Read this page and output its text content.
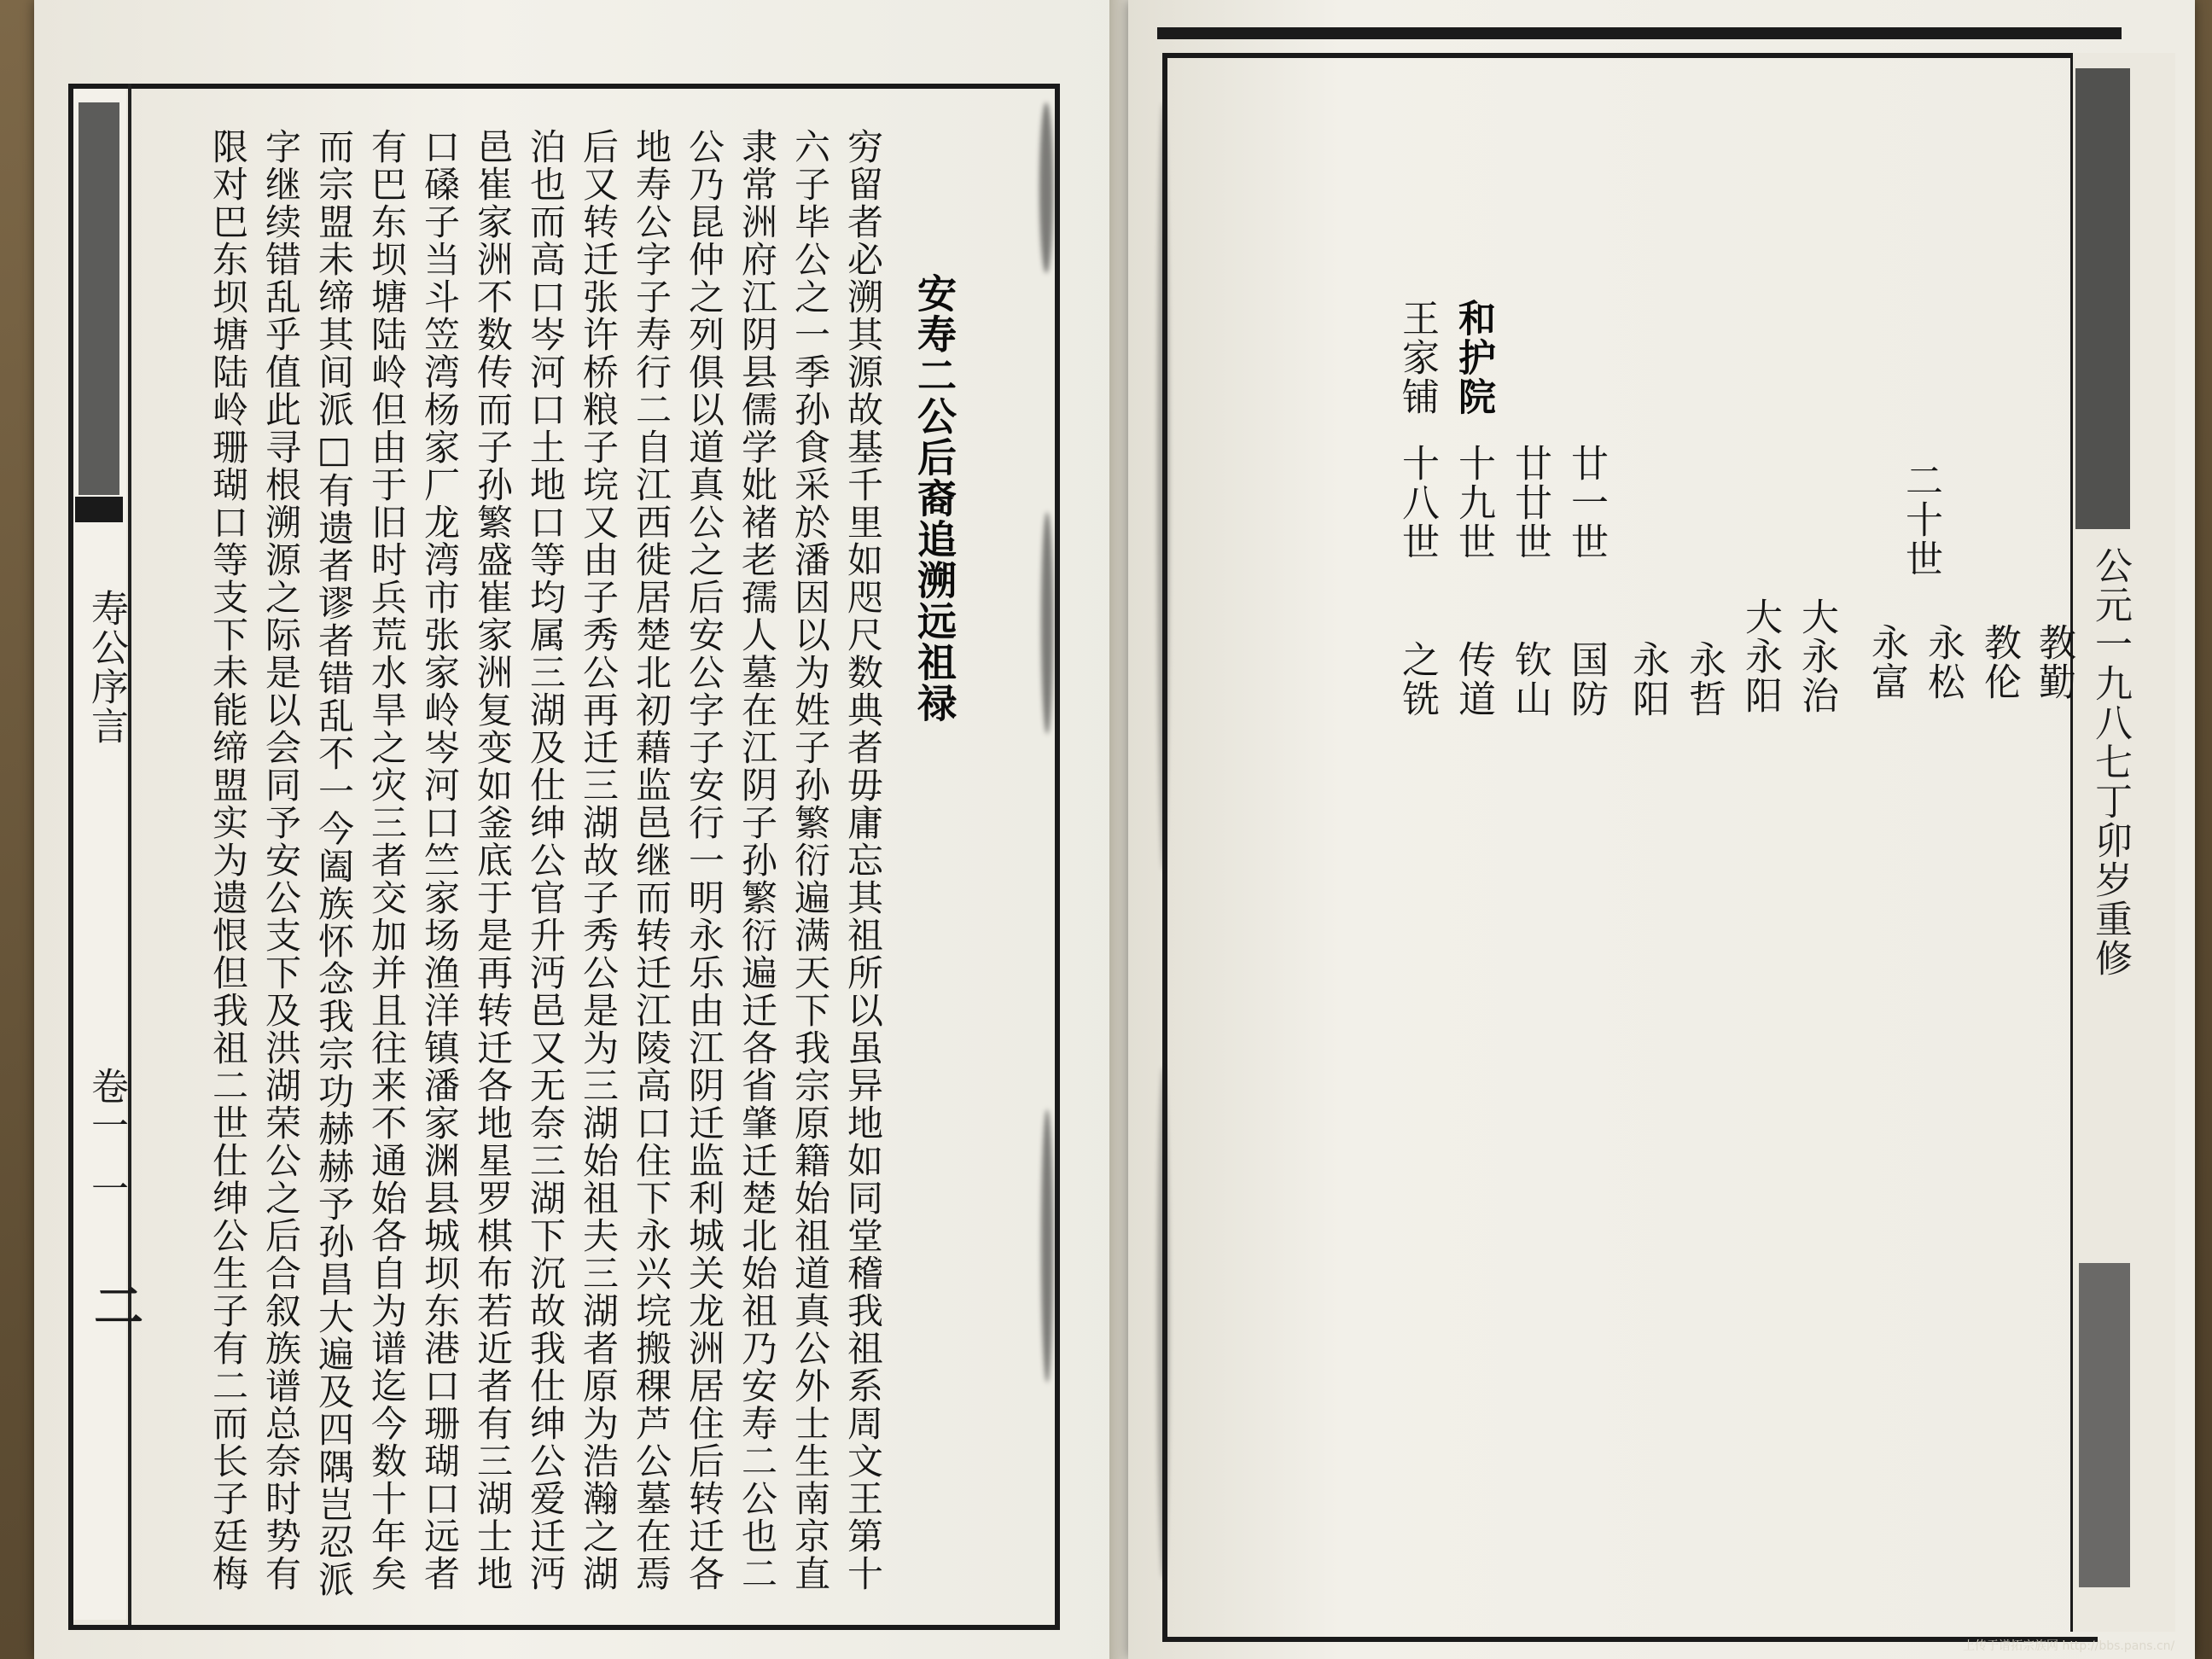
寿公序言
卷一
一
二
安寿二公后裔追溯远祖禄
穷留者必溯其源故基千里如咫尺数典者毋庸忘其祖所以虽异地如同堂稽我祖系周文王第十
六子毕公之一季孙食采於潘因以为姓子孙繁衍遍满天下我宗原籍始祖道真公外士生南京直
隶常洲府江阴县儒学妣褚老孺人墓在江阴子孙繁衍遍迁各省肇迁楚北始祖乃安寿二公也二
公乃昆仲之列俱以道真公之后安公字子安行一明永乐由江阴迁监利城关龙洲居住后转迁各
地寿公字子寿行二自江西徙居楚北初藉监邑继而转迁江陵高口住下永兴垸搬稞芦公墓在焉
后又转迁张许桥粮子垸又由子秀公再迁三湖故子秀公是为三湖始祖夫三湖者原为浩瀚之湖
泊也而高口岑河口土地口等均属三湖及仕绅公官升沔邑又无奈三湖下沉故我仕绅公爱迁沔
邑崔家洲不数传而子孙繁盛崔家洲复变如釜底于是再转迁各地星罗棋布若近者有三湖士地
口磉子当斗笠湾杨家厂龙湾市张家岭岑河口竺家场渔洋镇潘家渊县城坝东港口珊瑚口远者
有巴东坝塘陆岭但由于旧时兵荒水旱之灾三者交加并且往来不通始各自为谱迄今数十年矣
而宗盟未缔其间派□有遗者谬者错乱不一今阖族怀念我宗功赫赫予孙昌大遍及四隅岂忍派
字继续错乱乎值此寻根溯源之际是以会同予安公支下及洪湖荣公之后合叙族谱总奈时势有
限对巴东坝塘陆岭珊瑚口等支下未能缔盟实为遗恨但我祖二世仕绅公生子有二而长子廷梅	公元一九八七丁卯岁重修
二十世
廿一世
廿廿世
十九世
十八世
和护院
王家铺
教勤
教伦
永松
永富
大永治
大永阳
永哲
永阳
国防
钦山
传道
之铣
上传于谱拓宗族网 http://bbs.pans.cn/
